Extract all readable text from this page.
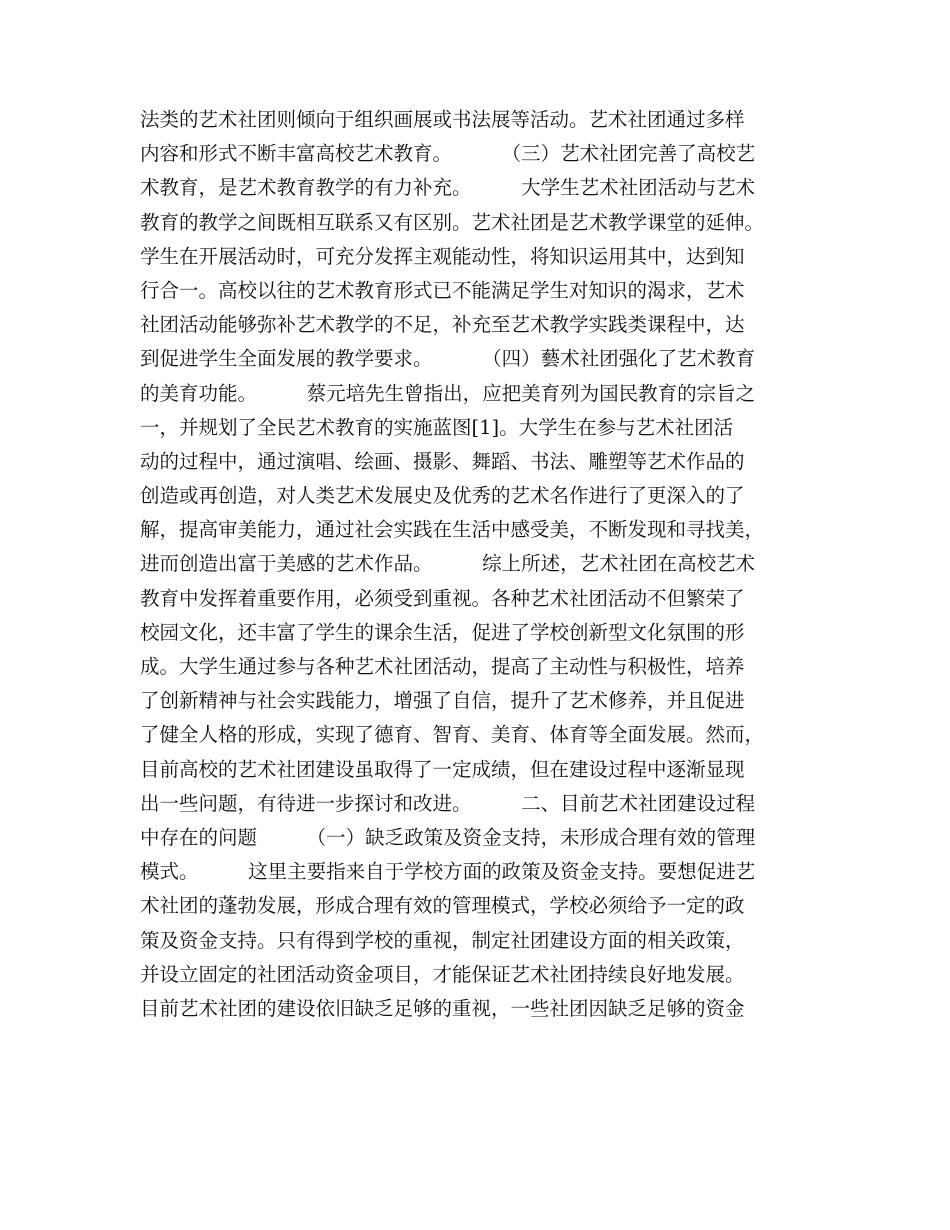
法类的艺术社团则倾向于组织画展或书法展等活动。艺术社团通过多样
内容和形式不断丰富高校艺术教育。        （三）艺术社团完善了高校艺
术教育，是艺术教育教学的有力补充。        大学生艺术社团活动与艺术
教育的教学之间既相互联系又有区别。艺术社团是艺术教学课堂的延伸。
学生在开展活动时，可充分发挥主观能动性，将知识运用其中，达到知
行合一。高校以往的艺术教育形式已不能满足学生对知识的渴求，艺术
社团活动能够弥补艺术教学的不足，补充至艺术教学实践类课程中，达
到促进学生全面发展的教学要求。        （四）藝术社团强化了艺术教育
的美育功能。        蔡元培先生曾指出，应把美育列为国民教育的宗旨之
一，并规划了全民艺术教育的实施蓝图[1]。大学生在参与艺术社团活
动的过程中，通过演唱、绘画、摄影、舞蹈、书法、雕塑等艺术作品的
创造或再创造，对人类艺术发展史及优秀的艺术名作进行了更深入的了
解，提高审美能力，通过社会实践在生活中感受美，不断发现和寻找美，
进而创造出富于美感的艺术作品。        综上所述，艺术社团在高校艺术
教育中发挥着重要作用，必须受到重视。各种艺术社团活动不但繁荣了
校园文化，还丰富了学生的课余生活，促进了学校创新型文化氛围的形
成。大学生通过参与各种艺术社团活动，提高了主动性与积极性，培养
了创新精神与社会实践能力，增强了自信，提升了艺术修养，并且促进
了健全人格的形成，实现了德育、智育、美育、体育等全面发展。然而，
目前高校的艺术社团建设虽取得了一定成绩，但在建设过程中逐渐显现
出一些问题，有待进一步探讨和改进。        二、目前艺术社团建设过程
中存在的问题        （一）缺乏政策及资金支持，未形成合理有效的管理
模式。        这里主要指来自于学校方面的政策及资金支持。要想促进艺
术社团的蓬勃发展，形成合理有效的管理模式，学校必须给予一定的政
策及资金支持。只有得到学校的重视，制定社团建设方面的相关政策，
并设立固定的社团活动资金项目，才能保证艺术社团持续良好地发展。
目前艺术社团的建设依旧缺乏足够的重视，一些社团因缺乏足够的资金
